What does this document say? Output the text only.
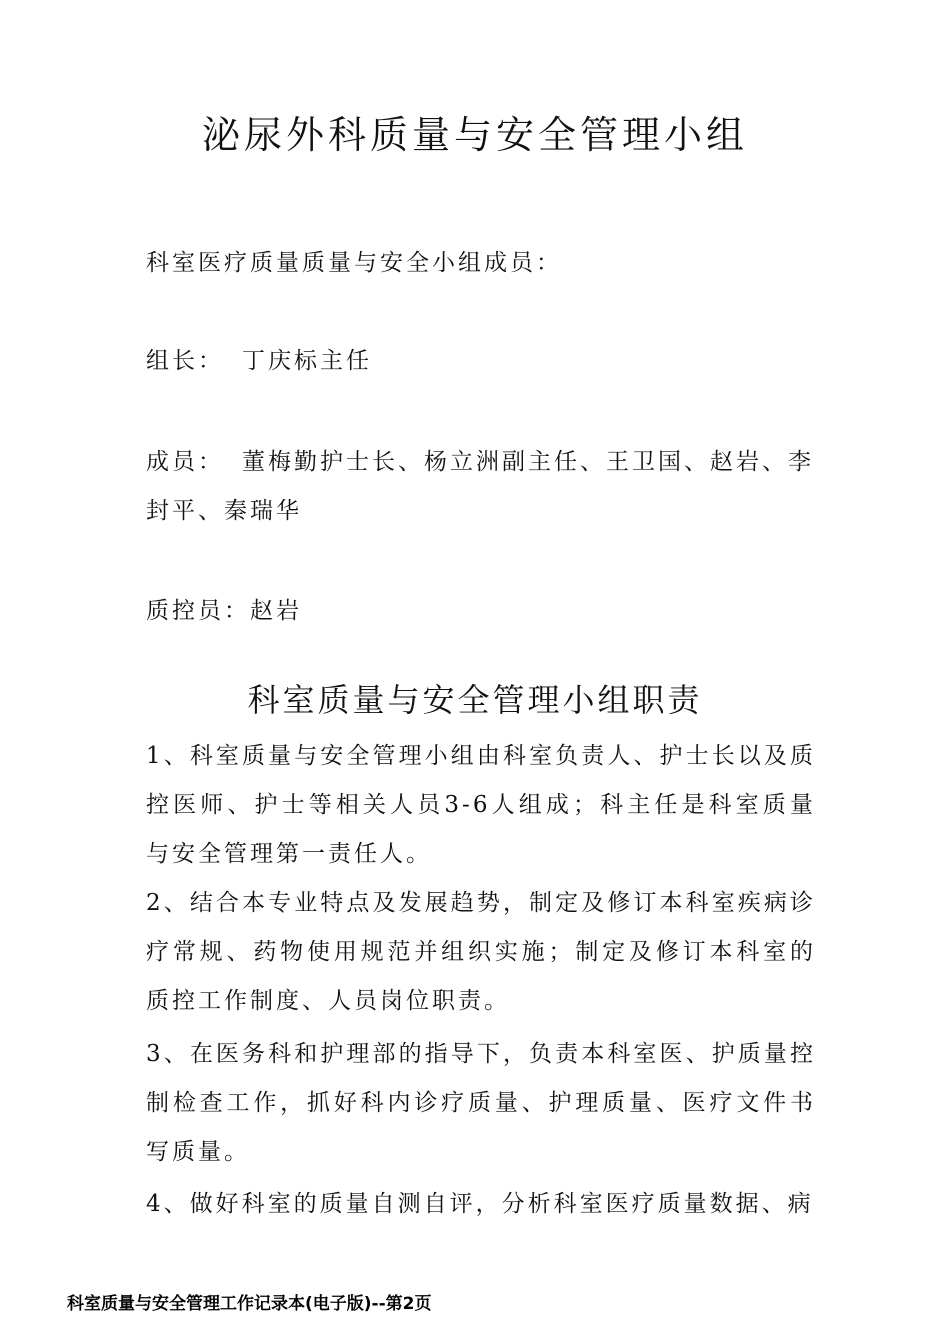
泌尿外科质量与安全管理小组

科室医疗质量质量与安全小组成员：

组长： 丁庆标主任

成员： 董梅勤护士长、杨立洲副主任、王卫国、赵岩、李

封平、秦瑞华

质控员：赵岩

科室质量与安全管理小组职责

1、科室质量与安全管理小组由科室负责人、护士长以及质控医师、护士等相关人员3-6人组成；科主任是科室质量与安全管理第一责任人。

2、结合本专业特点及发展趋势，制定及修订本科室疾病诊疗常规、药物使用规范并组织实施；制定及修订本科室的质控工作制度、人员岗位职责。

3、在医务科和护理部的指导下，负责本科室医、护质量控制检查工作，抓好科内诊疗质量、护理质量、医疗文件书写质量。

4、做好科室的质量自测自评，分析科室医疗质量数据、病

科室质量与安全管理工作记录本(电子版)--第2页
